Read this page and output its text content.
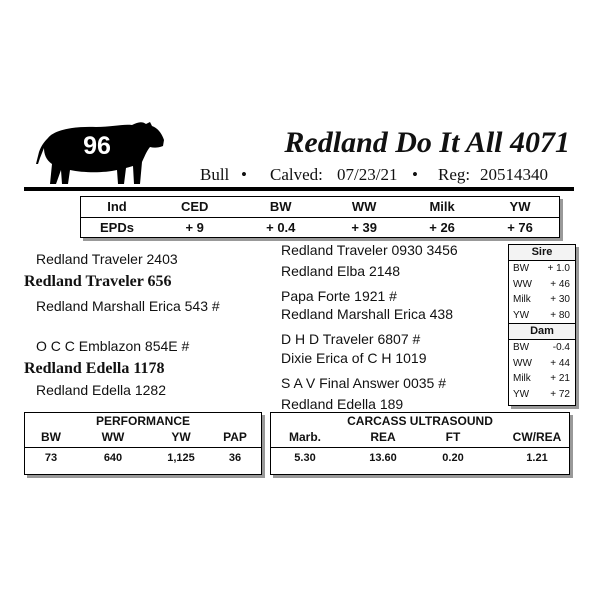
96	Redland Do It All 4071
Bull • Calved: 07/23/21 • Reg: 20514340
Ind	CED	BW	WW	Milk	YW
EPDs	+ 9	+ 0.4	+ 39	+ 26	+ 76
Redland Traveler 2403
Redland Traveler 656
Redland Marshall Erica 543 #
O C C Emblazon 854E #
Redland Edella 1178
Redland Edella 1282
Redland Traveler 0930 3456
Redland Elba 2148
Papa Forte 1921 #
Redland Marshall Erica 438
D H D Traveler 6807 #
Dixie Erica of C H 1019
S A V Final Answer 0035 #
Redland Edella 189
Sire
BW + 1.0
WW + 46
Milk + 30
YW + 80
Dam
BW -0.4
WW + 44
Milk + 21
YW + 72
PERFORMANCE
BW	WW	YW	PAP
73	640	1,125	36
CARCASS ULTRASOUND
Marb.	REA	FT	CW/REA
5.30	13.60	0.20	1.21
